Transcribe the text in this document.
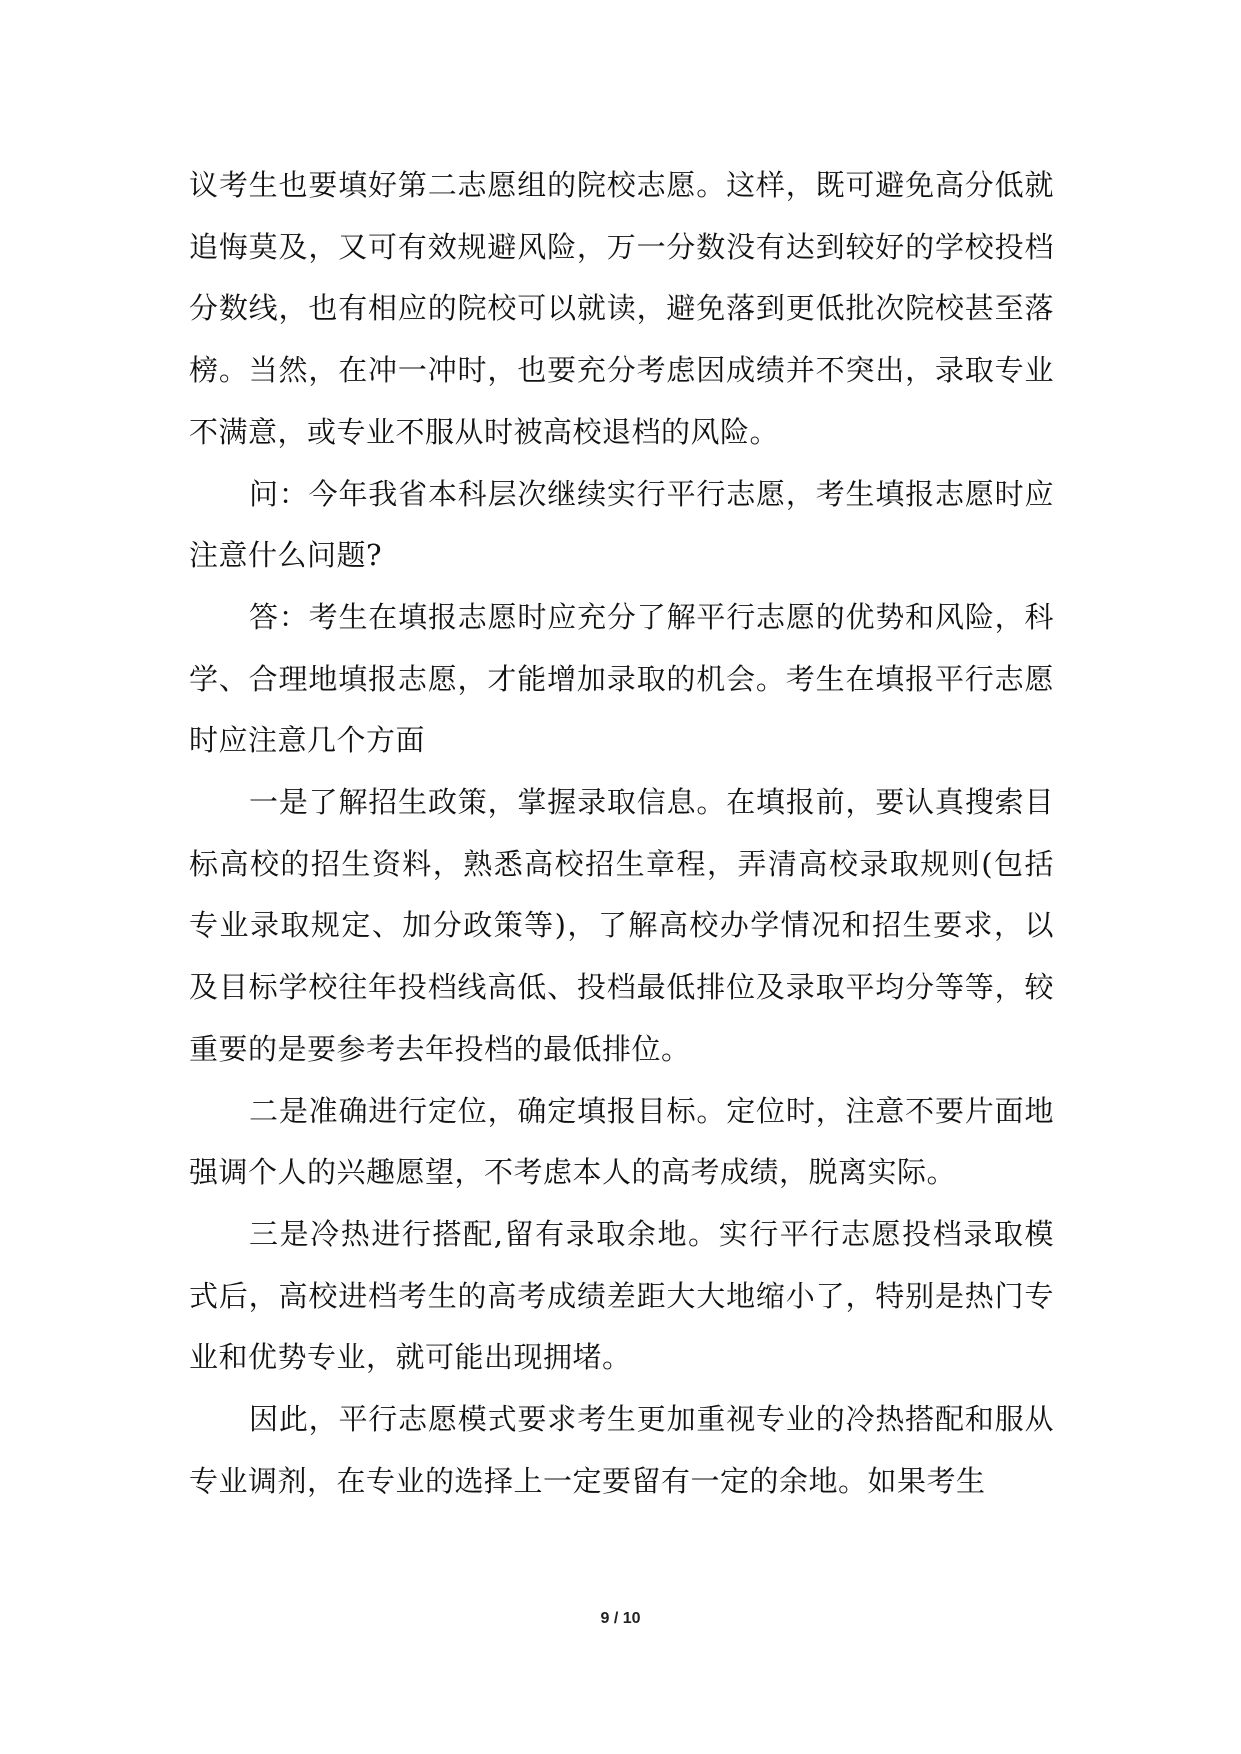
议考生也要填好第二志愿组的院校志愿。这样，既可避免高分低就追悔莫及，又可有效规避风险，万一分数没有达到较好的学校投档分数线，也有相应的院校可以就读，避免落到更低批次院校甚至落榜。当然，在冲一冲时，也要充分考虑因成绩并不突出，录取专业不满意，或专业不服从时被高校退档的风险。

问：今年我省本科层次继续实行平行志愿，考生填报志愿时应注意什么问题?

答：考生在填报志愿时应充分了解平行志愿的优势和风险，科学、合理地填报志愿，才能增加录取的机会。考生在填报平行志愿时应注意几个方面

一是了解招生政策，掌握录取信息。在填报前，要认真搜索目标高校的招生资料，熟悉高校招生章程，弄清高校录取规则(包括专业录取规定、加分政策等)，了解高校办学情况和招生要求，以及目标学校往年投档线高低、投档最低排位及录取平均分等等，较重要的是要参考去年投档的最低排位。

二是准确进行定位，确定填报目标。定位时，注意不要片面地强调个人的兴趣愿望，不考虑本人的高考成绩，脱离实际。

三是冷热进行搭配,留有录取余地。实行平行志愿投档录取模式后，高校进档考生的高考成绩差距大大地缩小了，特别是热门专业和优势专业，就可能出现拥堵。

因此，平行志愿模式要求考生更加重视专业的冷热搭配和服从专业调剂，在专业的选择上一定要留有一定的余地。如果考生

9 / 10
